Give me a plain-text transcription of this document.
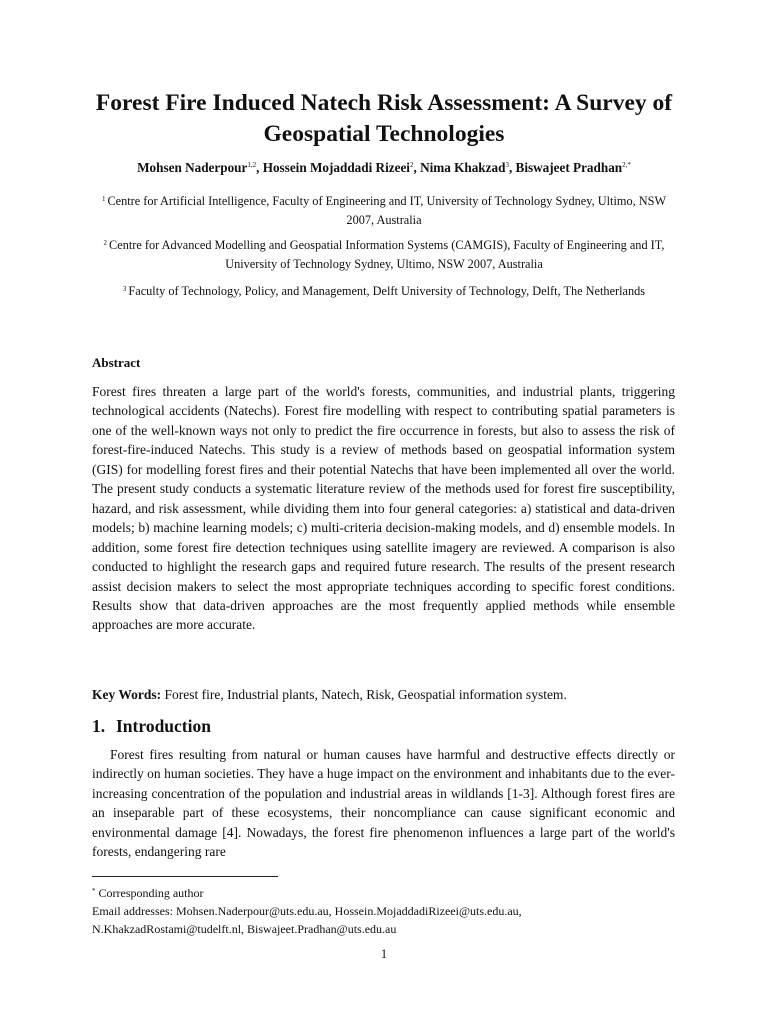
Forest Fire Induced Natech Risk Assessment: A Survey of Geospatial Technologies
Mohsen Naderpour$^{1,2}$, Hossein Mojaddadi Rizeei$^2$, Nima Khakzad$^3$, Biswajeet Pradhan$^{2,*}$
$^1$ Centre for Artificial Intelligence, Faculty of Engineering and IT, University of Technology Sydney, Ultimo, NSW 2007, Australia
$^2$ Centre for Advanced Modelling and Geospatial Information Systems (CAMGIS), Faculty of Engineering and IT, University of Technology Sydney, Ultimo, NSW 2007, Australia
$^3$ Faculty of Technology, Policy, and Management, Delft University of Technology, Delft, The Netherlands
Abstract
Forest fires threaten a large part of the world's forests, communities, and industrial plants, triggering technological accidents (Natechs). Forest fire modelling with respect to contributing spatial parameters is one of the well-known ways not only to predict the fire occurrence in forests, but also to assess the risk of forest-fire-induced Natechs. This study is a review of methods based on geospatial information system (GIS) for modelling forest fires and their potential Natechs that have been implemented all over the world. The present study conducts a systematic literature review of the methods used for forest fire susceptibility, hazard, and risk assessment, while dividing them into four general categories: a) statistical and data-driven models; b) machine learning models; c) multi-criteria decision-making models, and d) ensemble models. In addition, some forest fire detection techniques using satellite imagery are reviewed. A comparison is also conducted to highlight the research gaps and required future research. The results of the present research assist decision makers to select the most appropriate techniques according to specific forest conditions. Results show that data-driven approaches are the most frequently applied methods while ensemble approaches are more accurate.
Key Words: Forest fire, Industrial plants, Natech, Risk, Geospatial information system.
1. Introduction
Forest fires resulting from natural or human causes have harmful and destructive effects directly or indirectly on human societies. They have a huge impact on the environment and inhabitants due to the ever-increasing concentration of the population and industrial areas in wildlands [1-3]. Although forest fires are an inseparable part of these ecosystems, their noncompliance can cause significant economic and environmental damage [4]. Nowadays, the forest fire phenomenon influences a large part of the world's forests, endangering rare
* Corresponding author
Email addresses: Mohsen.Naderpour@uts.edu.au, Hossein.MojaddadiRizeei@uts.edu.au, N.KhakzadRostami@tudelft.nl, Biswajeet.Pradhan@uts.edu.au
1
